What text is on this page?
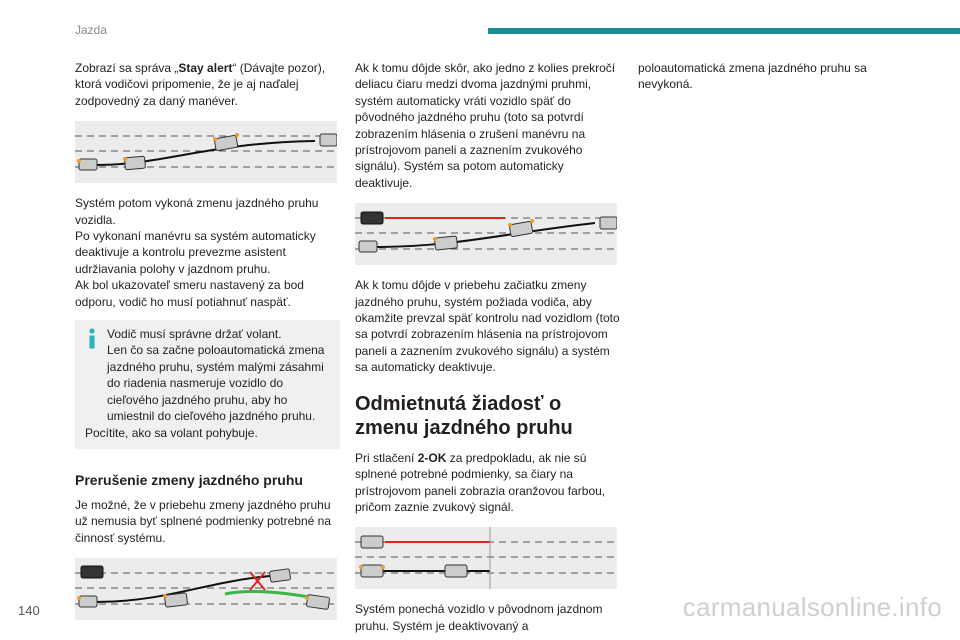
Jazda

Zobrazí sa správa „Stay alert“ (Dávajte pozor), ktorá vodičovi pripomenie, že je aj naďalej zodpovedný za daný manéver.

Systém potom vykoná zmenu jazdného pruhu vozidla.

Po vykonaní manévru sa systém automaticky deaktivuje a kontrolu prevezme asistent udržiavania polohy v jazdnom pruhu.

Ak bol ukazovateľ smeru nastavený za bod odporu, vodič ho musí potiahnuť naspäť.

Vodič musí správne držať volant.

Len čo sa začne poloautomatická zmena jazdného pruhu, systém malými zásahmi do riadenia nasmeruje vozidlo do cieľového jazdného pruhu, aby ho umiestnil do cieľového jazdného pruhu.

Pocítite, ako sa volant pohybuje.

Prerušenie zmeny jazdného pruhu

Je možné, že v priebehu zmeny jazdného pruhu už nemusia byť splnené podmienky potrebné na činnosť systému.

Ak k tomu dôjde skôr, ako jedno z kolies prekročí deliacu čiaru medzi dvoma jazdnými pruhmi, systém automaticky vráti vozidlo späť do pôvodného jazdného pruhu (toto sa potvrdí zobrazením hlásenia o zrušení manévru na prístrojovom paneli a zaznením zvukového signálu). Systém sa potom automaticky deaktivuje.

Ak k tomu dôjde v priebehu začiatku zmeny jazdného pruhu, systém požiada vodiča, aby okamžite prevzal späť kontrolu nad vozidlom (toto sa potvrdí zobrazením hlásenia na prístrojovom paneli a zaznením zvukového signálu) a systém sa automaticky deaktivuje.

Odmietnutá žiadosť o zmenu jazdného pruhu

Pri stlačení 2-OK za predpokladu, ak nie sú splnené potrebné podmienky, sa čiary na prístrojovom paneli zobrazia oranžovou farbou, pričom zaznie zvukový signál.

Systém ponechá vozidlo v pôvodnom jazdnom pruhu. Systém je deaktivovaný a

poloautomatická zmena jazdného pruhu sa nevykoná.

140	carmanualsonline.info
